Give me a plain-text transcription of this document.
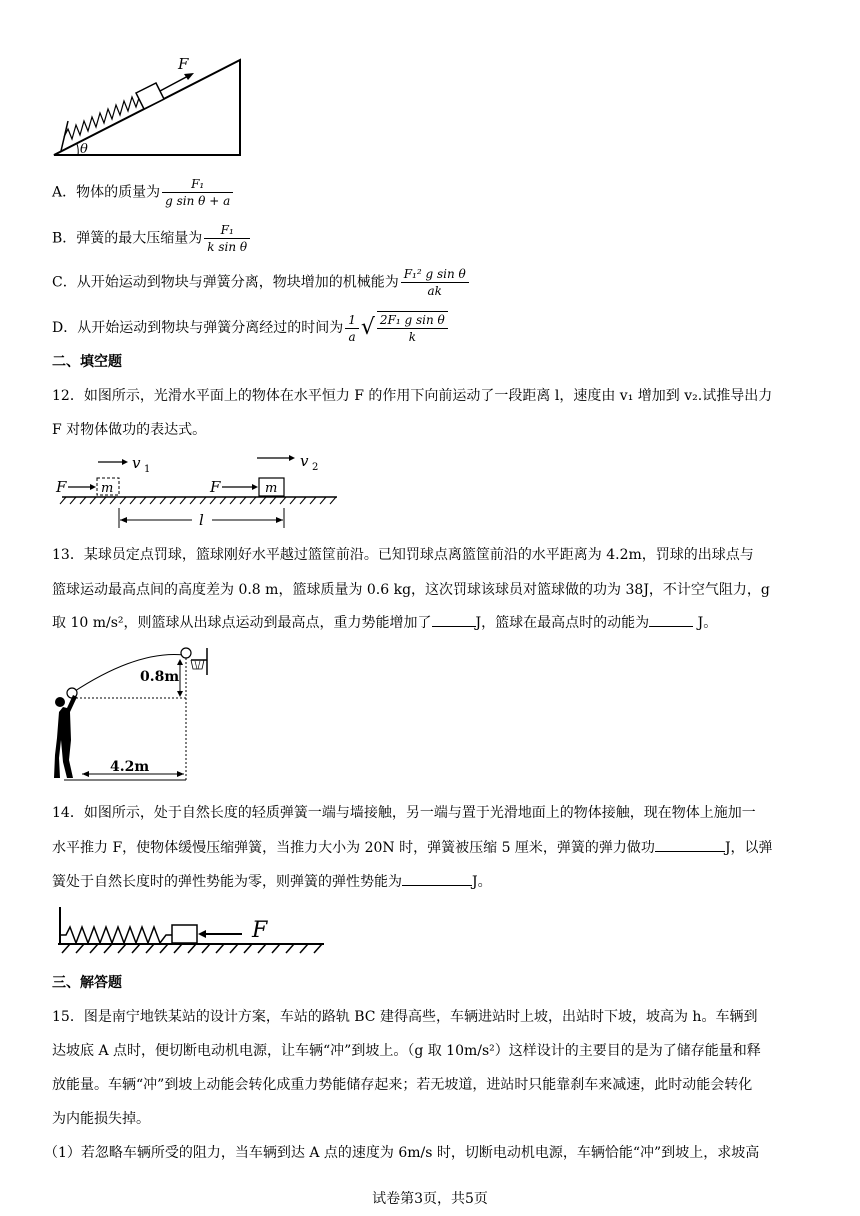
F
θ
A．物体的质量为 $\frac{\text{F₁}}{\text{g sin θ + a}}$
B．弹簧的最大压缩量为 $\frac{\text{F₁}}{\text{k sin θ}}$
C．从开始运动到物块与弹簧分离，物块增加的机械能为 $\frac{\text{F₁² g sin θ}}{ak}$
D．从开始运动到物块与弹簧分离经过的时间为 $\frac{1}{a}$ √ $\frac{\text{2F₁ g sin θ}}{k}$
二、填空题
12．如图所示，光滑水平面上的物体在水平恒力 F 的作用下向前运动了一段距离 l，速度由 v₁ 增加到 v₂.试推导出力
F 对物体做功的表达式。
v 1	v 2
F	m	F	m
l
13．某球员定点罚球，篮球刚好水平越过篮筐前沿。已知罚球点离篮筐前沿的水平距离为 4.2m，罚球的出球点与
篮球运动最高点间的高度差为 0.8 m，篮球质量为 0.6 kg，这次罚球该球员对篮球做的功为 38J，不计空气阻力，g
取 10 m/s²，则篮球从出球点运动到最高点，重力势能增加了	J，篮球在最高点时的动能为	J。
0.8m
4.2m
14．如图所示，处于自然长度的轻质弹簧一端与墙接触，另一端与置于光滑地面上的物体接触，现在物体上施加一
水平推力 F，使物体缓慢压缩弹簧，当推力大小为 20N 时，弹簧被压缩 5 厘米，弹簧的弹力做功	J，以弹
簧处于自然长度时的弹性势能为零，则弹簧的弹性势能为	J。
F
三、解答题
15．图是南宁地铁某站的设计方案，车站的路轨 BC 建得高些，车辆进站时上坡，出站时下坡，坡高为 h。车辆到
达坡底 A 点时，便切断电动机电源，让车辆“冲”到坡上。（g 取 10m/s²）这样设计的主要目的是为了储存能量和释
放能量。车辆“冲”到坡上动能会转化成重力势能储存起来；若无坡道，进站时只能靠刹车来减速，此时动能会转化
为内能损失掉。
（1）若忽略车辆所受的阻力，当车辆到达 A 点的速度为 6m/s 时，切断电动机电源，车辆恰能“冲”到坡上，求坡高
试卷第3页，共5页
